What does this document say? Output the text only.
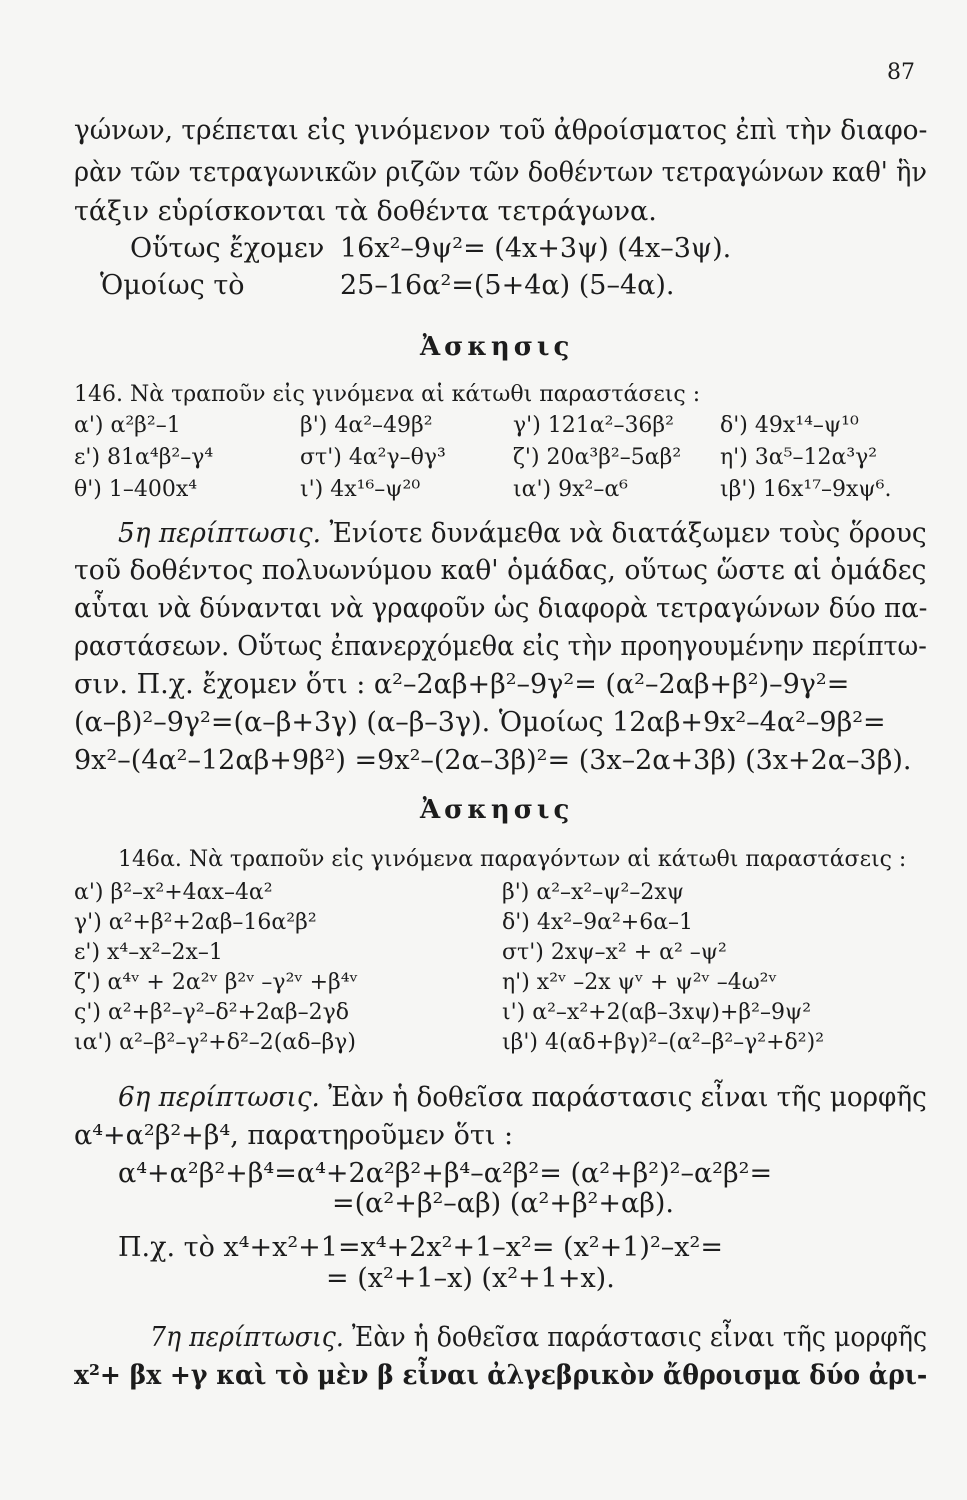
87
γώνων, τρέπεται εἰς γινόμενον τοῦ ἀθροίσματος ἐπὶ τὴν διαφο-
ρὰν τῶν τετραγωνικῶν ριζῶν τῶν δοθέντων τετραγώνων καθ' ἣν
τάξιν εὑρίσκονται τὰ δοθέντα τετράγωνα.
Οὕτως ἔχομεν 16x²–9ψ²= (4x+3ψ) (4x–3ψ).
Ὁμοίως τὸ	25–16α²=(5+4α) (5–4α).
Ἀσκησις
146. Νὰ τραποῦν εἰς γινόμενα αἱ κάτωθι παραστάσεις :
α') α²β²–1	β') 4α²–49β²	γ') 121α²–36β² δ') 49x¹⁴–ψ¹⁰
ε') 81α⁴β²–γ⁴	στ') 4α²γ–θγ³	ζ') 20α³β²–5αβ² η') 3α⁵–12α³γ²
θ') 1–400x⁴	ι') 4x¹⁶–ψ²⁰	ια') 9x²–α⁶	ιβ') 16x¹⁷–9xψ⁶.
5η περίπτωσις. Ἐνίοτε δυνάμεθα νὰ διατάξωμεν τοὺς ὅρους
τοῦ δοθέντος πολυωνύμου καθ' ὁμάδας, οὕτως ὥστε αἱ ὁμάδες
αὗται νὰ δύνανται νὰ γραφοῦν ὡς διαφορὰ τετραγώνων δύο πα-
ραστάσεων. Οὕτως ἐπανερχόμεθα εἰς τὴν προηγουμένην περίπτω-
σιν. Π.χ. ἔχομεν ὅτι : α²–2αβ+β²–9γ²= (α²–2αβ+β²)–9γ²=
(α–β)²–9γ²=(α–β+3γ) (α–β–3γ). Ὁμοίως 12αβ+9x²–4α²–9β²=
9x²–(4α²–12αβ+9β²) =9x²–(2α–3β)²= (3x–2α+3β) (3x+2α–3β).
Ἀσκησις
146α. Νὰ τραποῦν εἰς γινόμενα παραγόντων αἱ κάτωθι παραστάσεις :
α') β²–x²+4αx–4α²	β') α²–x²–ψ²–2xψ
γ') α²+β²+2αβ–16α²β²	δ') 4x²–9α²+6α–1
ε') x⁴–x²–2x–1	στ') 2xψ–x² + α² –ψ²
ζ') α⁴ᵛ + 2α²ᵛ β²ᵛ –γ²ᵛ +β⁴ᵛ	η') x²ᵛ –2x ψᵛ + ψ²ᵛ –4ω²ᵛ
ς') α²+β²–γ²–δ²+2αβ–2γδ	ι') α²–x²+2(αβ–3xψ)+β²–9ψ²
ια') α²–β²–γ²+δ²–2(αδ–βγ)	ιβ') 4(αδ+βγ)²–(α²–β²–γ²+δ²)²
6η περίπτωσις. Ἐὰν ἡ δοθεῖσα παράστασις εἶναι τῆς μορφῆς
α⁴+α²β²+β⁴, παρατηροῦμεν ὅτι :
α⁴+α²β²+β⁴=α⁴+2α²β²+β⁴–α²β²= (α²+β²)²–α²β²=
=(α²+β²–αβ) (α²+β²+αβ).
Π.χ. τὸ x⁴+x²+1=x⁴+2x²+1–x²= (x²+1)²–x²=
= (x²+1–x) (x²+1+x).
7η περίπτωσις. Ἐὰν ἡ δοθεῖσα παράστασις εἶναι τῆς μορφῆς
x²+ βx +γ καὶ τὸ μὲν β εἶναι ἀλγεβρικὸν ἄθροισμα δύο ἀρι-
